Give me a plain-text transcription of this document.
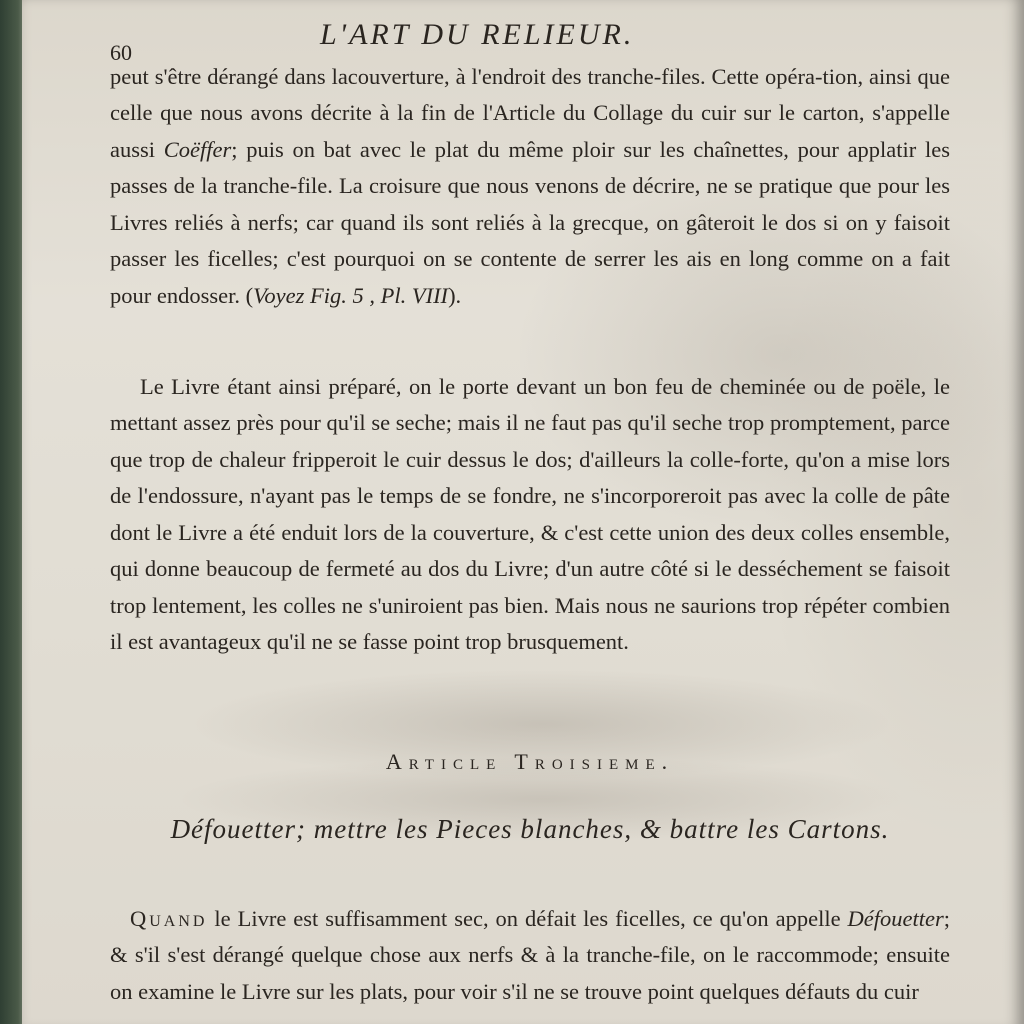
60
L'ART DU RELIEUR.

peut s'être dérangé dans lacouverture, à l'endroit des tranche-files. Cette opéra-tion, ainsi que celle que nous avons décrite à la fin de l'Article du Collage du cuir sur le carton, s'appelle aussi Coëffer; puis on bat avec le plat du même ploir sur les chaînettes, pour applatir les passes de la tranche-file. La croisure que nous venons de décrire, ne se pratique que pour les Livres reliés à nerfs; car quand ils sont reliés à la grecque, on gâteroit le dos si on y faisoit passer les ficelles; c'est pourquoi on se contente de serrer les ais en long comme on a fait pour endosser. (Voyez Fig. 5 , Pl. VIII).

Le Livre étant ainsi préparé, on le porte devant un bon feu de cheminée ou de poële, le mettant assez près pour qu'il se seche; mais il ne faut pas qu'il seche trop promptement, parce que trop de chaleur fripperoit le cuir dessus le dos; d'ailleurs la colle-forte, qu'on a mise lors de l'endossure, n'ayant pas le temps de se fondre, ne s'incorporeroit pas avec la colle de pâte dont le Livre a été enduit lors de la couverture, & c'est cette union des deux colles ensemble, qui donne beaucoup de fermeté au dos du Livre; d'un autre côté si le desséchement se faisoit trop lentement, les colles ne s'uniroient pas bien. Mais nous ne saurions trop répéter combien il est avantageux qu'il ne se fasse point trop brusquement.

Article Troisieme.
Défouetter; mettre les Pieces blanches, & battre les Cartons.

Quand le Livre est suffisamment sec, on défait les ficelles, ce qu'on appelle Défouetter; & s'il s'est dérangé quelque chose aux nerfs & à la tranche-file, on le raccommode; ensuite on examine le Livre sur les plats, pour voir s'il ne se trouve point quelques défauts du cuir
